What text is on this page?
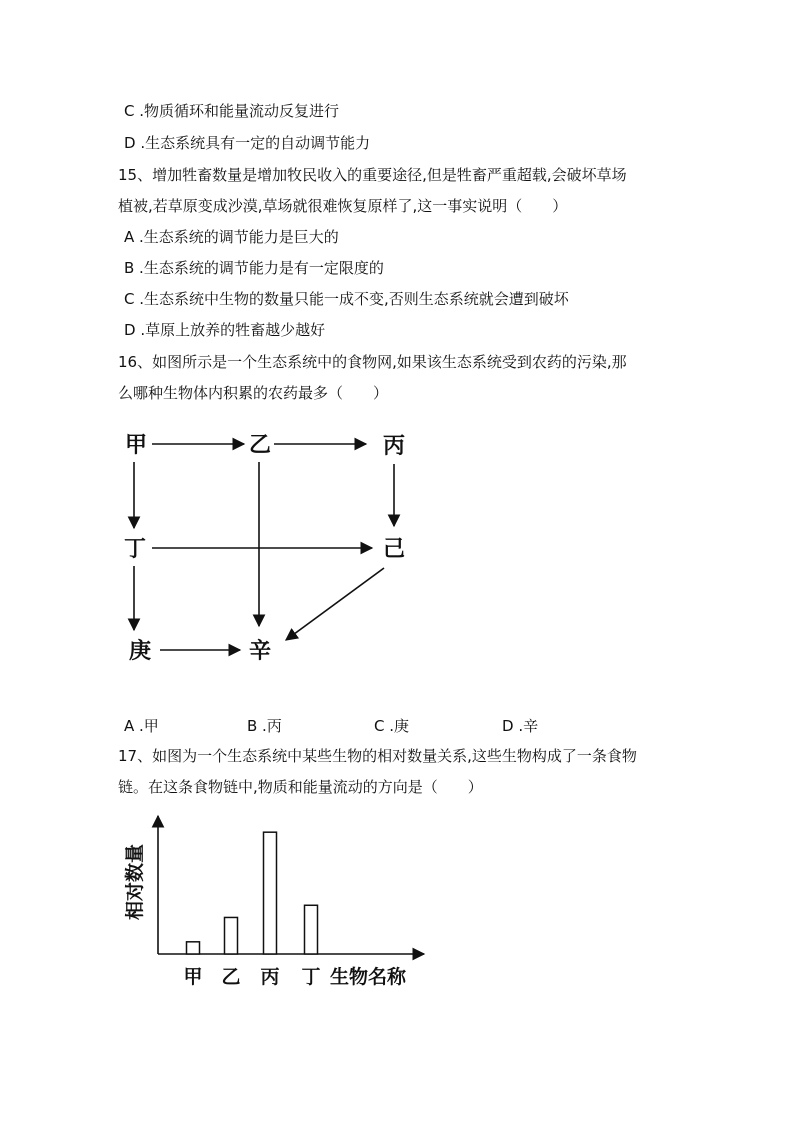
C .物质循环和能量流动反复进行
D .生态系统具有一定的自动调节能力
15、增加牲畜数量是增加牧民收入的重要途径,但是牲畜严重超载,会破坏草场
植被,若草原变成沙漠,草场就很难恢复原样了,这一事实说明（　　）
A .生态系统的调节能力是巨大的
B .生态系统的调节能力是有一定限度的
C .生态系统中生物的数量只能一成不变,否则生态系统就会遭到破坏
D .草原上放养的牲畜越少越好
16、如图所示是一个生态系统中的食物网,如果该生态系统受到农药的污染,那
么哪种生物体内积累的农药最多（　　）
甲	乙	丙
丁	己
庚	辛
A .甲	B .丙	C .庚	D .辛
17、如图为一个生态系统中某些生物的相对数量关系,这些生物构成了一条食物
链。在这条食物链中,物质和能量流动的方向是（　　）
相对数量
生物名称
甲 乙 丙 丁
